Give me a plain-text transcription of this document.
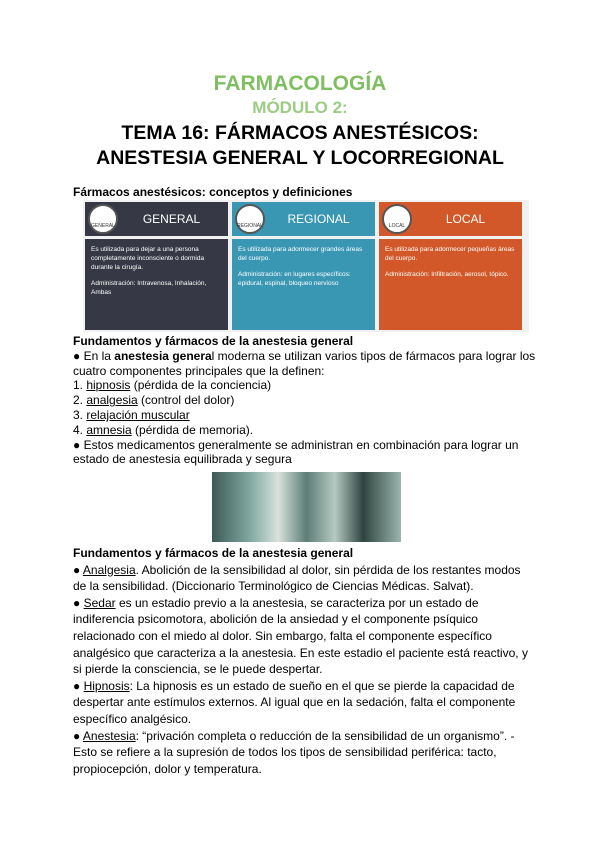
FARMACOLOGÍA
MÓDULO 2:
TEMA 16: FÁRMACOS ANESTÉSICOS: ANESTESIA GENERAL Y LOCORREGIONAL
Fármacos anestésicos: conceptos y definiciones
GENERAL GENERAL

Es utilizada para dejar a una persona completamente inconsciente o dormida durante la cirugía.

Administración: Intravenosa, Inhalación, Ambas

REGIONAL REGIONAL

Es utilizada para adormecer grandes áreas del cuerpo.

Administración: en lugares específicos: epidural, espinal, bloqueo nervioso

LOCAL	LOCAL

Es utilizada para adormecer pequeñas áreas del cuerpo.

Administración: Infiltración, aerosol, tópico.

Fundamentos y fármacos de la anestesia general
● En la anestesia general moderna se utilizan varios tipos de fármacos para lograr los cuatro componentes principales que la definen:
1. hipnosis (pérdida de la conciencia)
2. analgesia (control del dolor)
3. relajación muscular
4. amnesia (pérdida de memoria).
● Estos medicamentos generalmente se administran en combinación para lograr un estado de anestesia equilibrada y segura
Fundamentos y fármacos de la anestesia general
● Analgesia. Abolición de la sensibilidad al dolor, sin pérdida de los restantes modos de la sensibilidad. (Diccionario Terminológico de Ciencias Médicas. Salvat).
● Sedar es un estadio previo a la anestesia, se caracteriza por un estado de indiferencia psicomotora, abolición de la ansiedad y el componente psíquico relacionado con el miedo al dolor. Sin embargo, falta el componente específico analgésico que caracteriza a la anestesia. En este estadio el paciente está reactivo, y si pierde la consciencia, se le puede despertar.
● Hipnosis: La hipnosis es un estado de sueño en el que se pierde la capacidad de despertar ante estímulos externos. Al igual que en la sedación, falta el componente específico analgésico.
● Anestesia: “privación completa o reducción de la sensibilidad de un organismo”. - Esto se refiere a la supresión de todos los tipos de sensibilidad periférica: tacto, propiocepción, dolor y temperatura.
